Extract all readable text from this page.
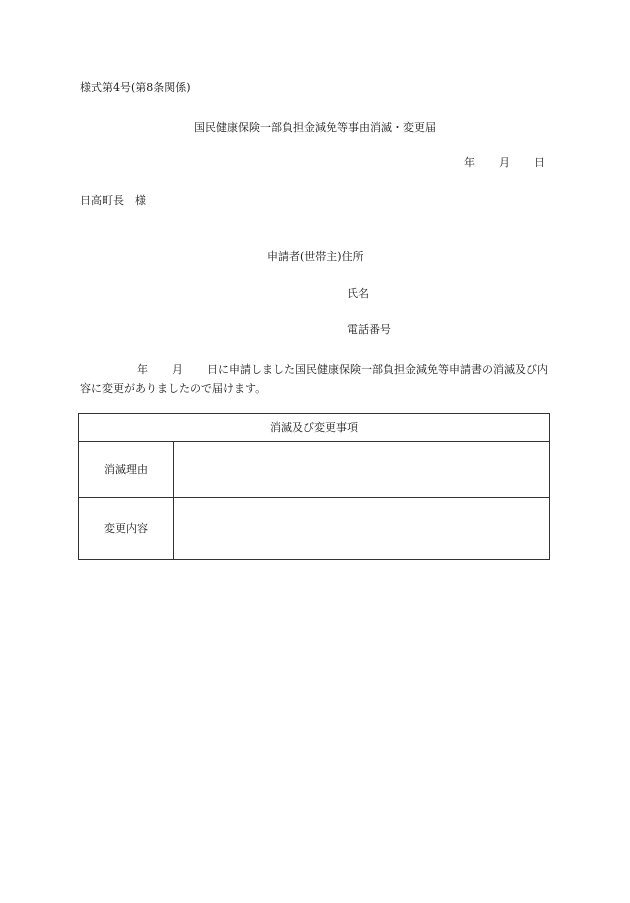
様式第4号(第8条関係)
国民健康保険一部負担金減免等事由消滅・変更届
年 月 日
日高町長　様
申請者(世帯主)住所
氏名
電話番号
年 月 日に申請しました国民健康保険一部負担金減免等申請書の消滅及び内容に変更がありましたので届けます。
消滅及び変更事項	
消滅理由	
変更内容	
